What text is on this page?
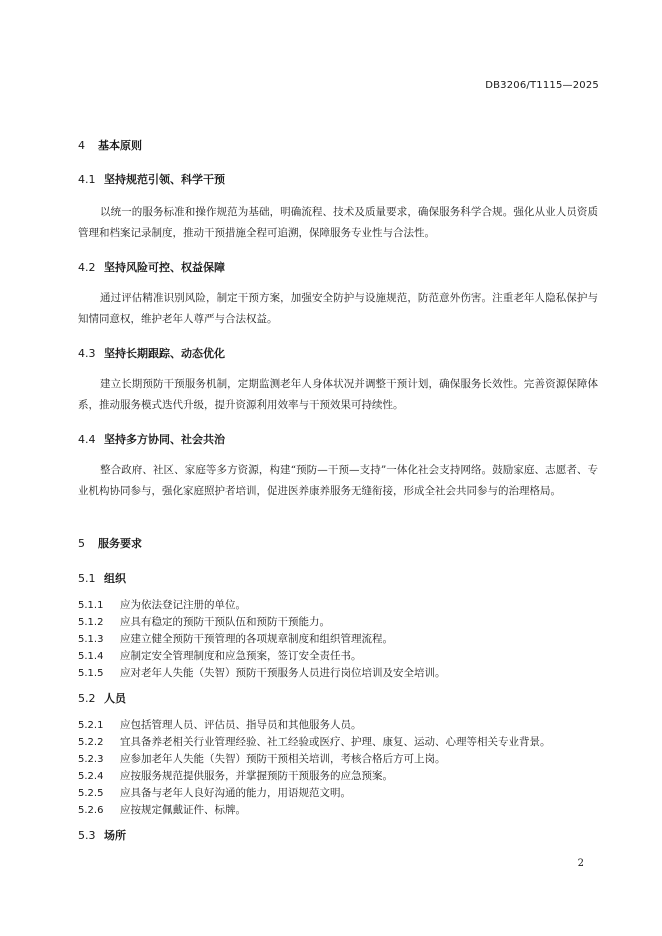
DB3206/T1115—2025
4 基本原则
4.1 坚持规范引领、科学干预
以统一的服务标准和操作规范为基础，明确流程、技术及质量要求，确保服务科学合规。强化从业人员资质管理和档案记录制度，推动干预措施全程可追溯，保障服务专业性与合法性。
4.2 坚持风险可控、权益保障
通过评估精准识别风险，制定干预方案，加强安全防护与设施规范，防范意外伤害。注重老年人隐私保护与知情同意权，维护老年人尊严与合法权益。
4.3 坚持长期跟踪、动态优化
建立长期预防干预服务机制，定期监测老年人身体状况并调整干预计划，确保服务长效性。完善资源保障体系，推动服务模式迭代升级，提升资源利用效率与干预效果可持续性。
4.4 坚持多方协同、社会共治
整合政府、社区、家庭等多方资源，构建“预防—干预—支持”一体化社会支持网络。鼓励家庭、志愿者、专业机构协同参与，强化家庭照护者培训，促进医养康养服务无缝衔接，形成全社会共同参与的治理格局。
5 服务要求
5.1 组织
5.1.1 应为依法登记注册的单位。
5.1.2 应具有稳定的预防干预队伍和预防干预能力。
5.1.3 应建立健全预防干预管理的各项规章制度和组织管理流程。
5.1.4 应制定安全管理制度和应急预案，签订安全责任书。
5.1.5 应对老年人失能（失智）预防干预服务人员进行岗位培训及安全培训。
5.2 人员
5.2.1 应包括管理人员、评估员、指导员和其他服务人员。
5.2.2 宜具备养老相关行业管理经验、社工经验或医疗、护理、康复、运动、心理等相关专业背景。
5.2.3 应参加老年人失能（失智）预防干预相关培训，考核合格后方可上岗。
5.2.4 应按服务规范提供服务，并掌握预防干预服务的应急预案。
5.2.5 应具备与老年人良好沟通的能力，用语规范文明。
5.2.6 应按规定佩戴证件、标牌。
5.3 场所
2
